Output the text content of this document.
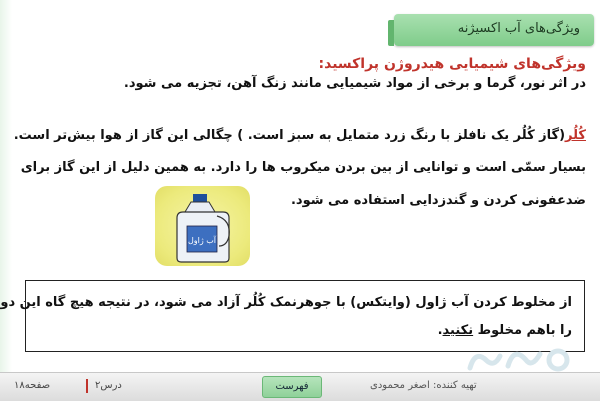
ویژگی‌های آب اکسیژنه
ویژگی‌های شیمیایی هیدروژن پراکسید:
در اثر نور، گرما و برخی از مواد شیمیایی مانند زنگ آهن، تجزیه می شود.
کُلُر(گاز کُلُر یک نافلز با رنگ زرد متمایل به سبز است. ) چگالی این گاز از هوا بیش‌تر است.
بسیار سمّی است و توانایی از بین بردن میکروب ها را دارد. به همین دلیل از این گاز برای
ضدعفونی کردن و گندزدایی استفاده می شود.
آب ژاول
از مخلوط کردن آب ژاول (وایتکس) با جوهرنمک کُلُر آزاد می شود، در نتیجه هیچ گاه این دو
را باهم مخلوط نکنید.
صفحه۱۸	درس۲	فهرست	تهیه کننده: اصغر محمودی
